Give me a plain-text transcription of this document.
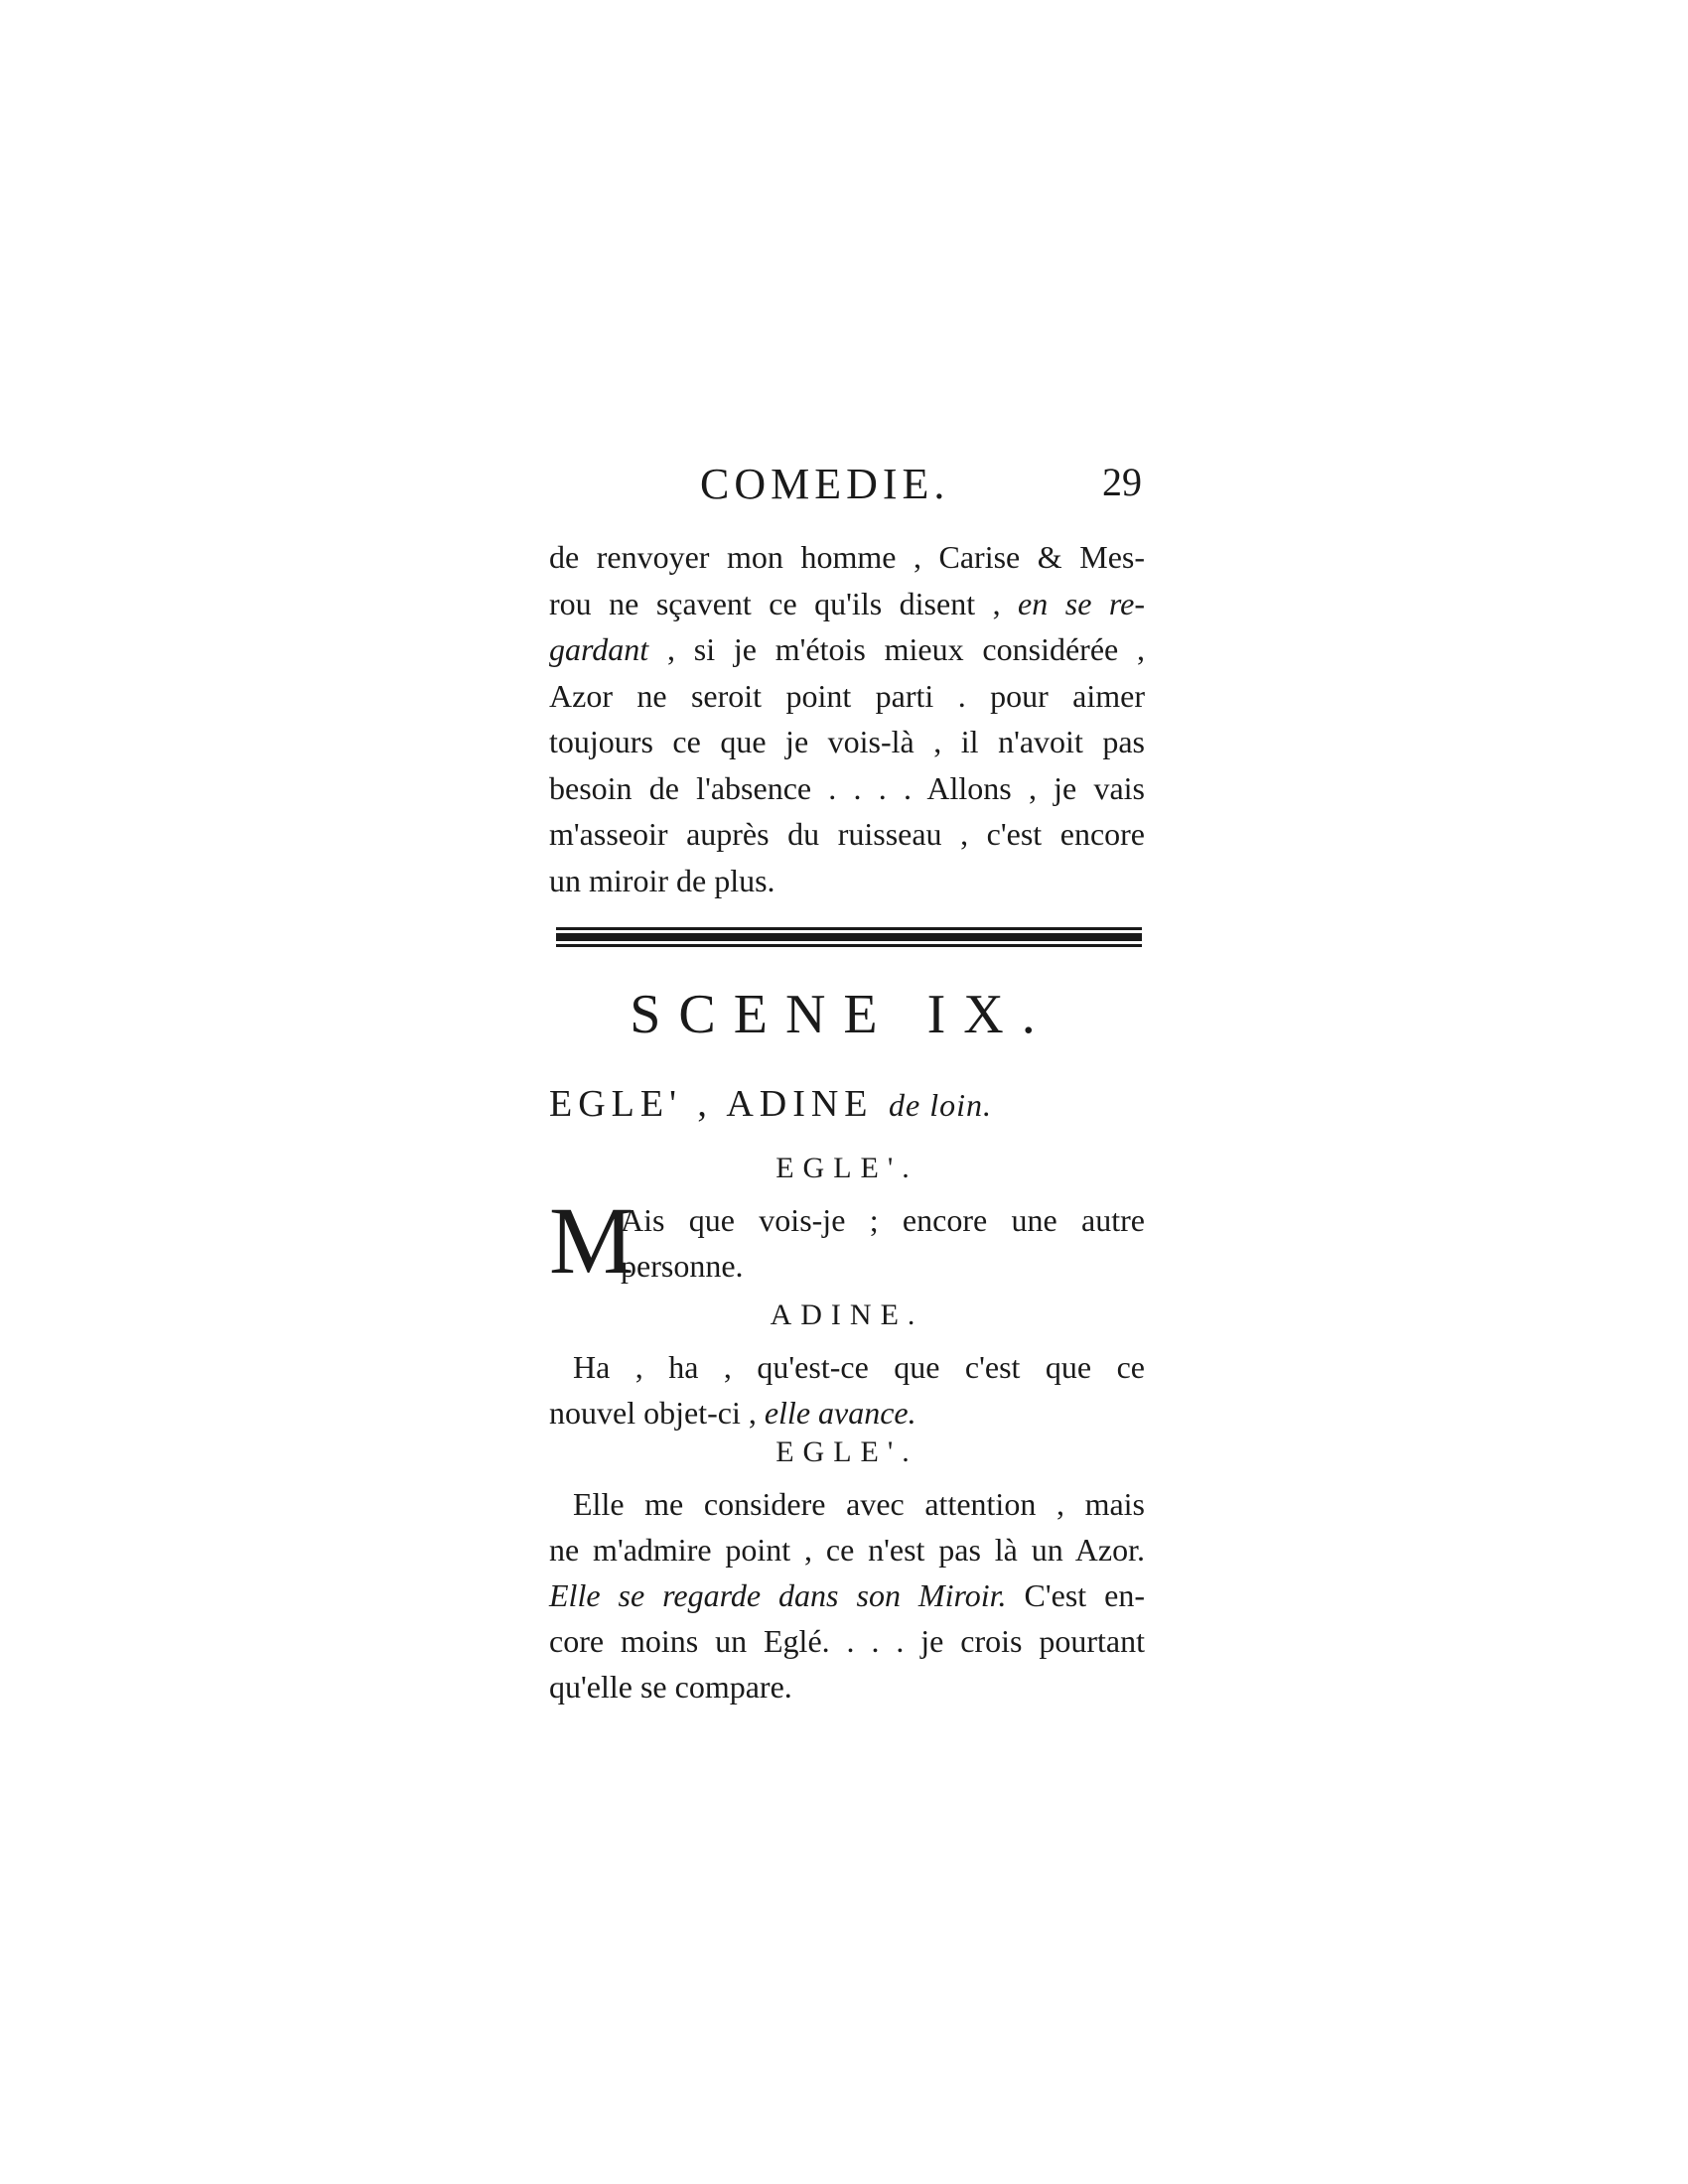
COMEDIE.	29
de renvoyer mon homme , Carise & Mes-
rou ne sçavent ce qu'ils disent , en se re-
gardant , si je m'étois mieux considérée ,
Azor ne seroit point parti . pour aimer
toujours ce que je vois-là , il n'avoit pas
besoin de l'absence . . . . Allons , je vais
m'asseoir auprès du ruisseau , c'est encore
un miroir de plus.
SCENE IX.
EGLE' , ADINE de loin.
EGLE'.
M
Ais que vois-je ; encore une autre
personne.
ADINE.
Ha , ha , qu'est-ce que c'est que ce
nouvel objet-ci , elle avance.
EGLE'.
Elle me considere avec attention , mais
ne m'admire point , ce n'est pas là un Azor.
Elle se regarde dans son Miroir. C'est en-
core moins un Eglé. . . . je crois pourtant
qu'elle se compare.
